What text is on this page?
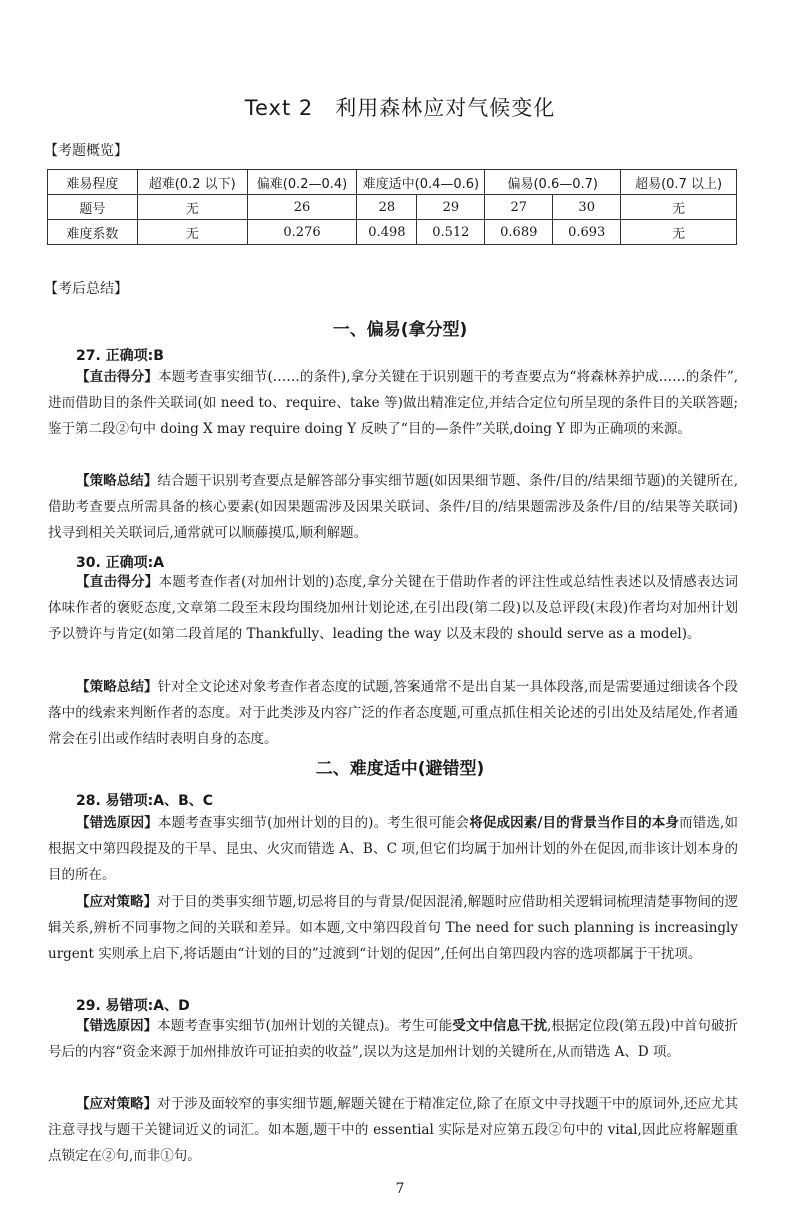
Text 2　利用森林应对气候变化
【考题概览】
难易程度	超难(0.2 以下)	偏难(0.2—0.4)	难度适中(0.4—0.6)		偏易(0.6—0.7)		超易(0.7 以上)
题号	无	26	28	29	27	30	无
难度系数	无	0.276	0.498	0.512	0.689	0.693	无
【考后总结】
一、偏易(拿分型)
27. 正确项:B
【直击得分】本题考查事实细节(……的条件),拿分关键在于识别题干的考查要点为“将森林养护成……的条件”,进而借助目的条件关联词(如 need to、require、take 等)做出精准定位,并结合定位句所呈现的条件目的关联答题;鉴于第二段②句中 doing X may require doing Y 反映了“目的—条件”关联,doing Y 即为正确项的来源。
【策略总结】结合题干识别考查要点是解答部分事实细节题(如因果细节题、条件/目的/结果细节题)的关键所在,借助考查要点所需具备的核心要素(如因果题需涉及因果关联词、条件/目的/结果题需涉及条件/目的/结果等关联词)找寻到相关关联词后,通常就可以顺藤摸瓜,顺利解题。
30. 正确项:A
【直击得分】本题考查作者(对加州计划的)态度,拿分关键在于借助作者的评注性或总结性表述以及情感表达词体味作者的褒贬态度,文章第二段至末段均围绕加州计划论述,在引出段(第二段)以及总评段(末段)作者均对加州计划予以赞许与肯定(如第二段首尾的 Thankfully、leading the way 以及末段的 should serve as a model)。
【策略总结】针对全文论述对象考查作者态度的试题,答案通常不是出自某一具体段落,而是需要通过细读各个段落中的线索来判断作者的态度。对于此类涉及内容广泛的作者态度题,可重点抓住相关论述的引出处及结尾处,作者通常会在引出或作结时表明自身的态度。
二、难度适中(避错型)
28. 易错项:A、B、C
【错选原因】本题考查事实细节(加州计划的目的)。考生很可能会将促成因素/目的背景当作目的本身而错选,如根据文中第四段提及的干旱、昆虫、火灾而错选 A、B、C 项,但它们均属于加州计划的外在促因,而非该计划本身的目的所在。
【应对策略】对于目的类事实细节题,切忌将目的与背景/促因混淆,解题时应借助相关逻辑词梳理清楚事物间的逻辑关系,辨析不同事物之间的关联和差异。如本题,文中第四段首句 The need for such planning is increasingly urgent 实则承上启下,将话题由“计划的目的”过渡到“计划的促因”,任何出自第四段内容的选项都属于干扰项。
29. 易错项:A、D
【错选原因】本题考查事实细节(加州计划的关键点)。考生可能受文中信息干扰,根据定位段(第五段)中首句破折号后的内容“资金来源于加州排放许可证拍卖的收益”,误以为这是加州计划的关键所在,从而错选 A、D 项。
【应对策略】对于涉及面较窄的事实细节题,解题关键在于精准定位,除了在原文中寻找题干中的原词外,还应尤其注意寻找与题干关键词近义的词汇。如本题,题干中的 essential 实际是对应第五段②句中的 vital,因此应将解题重点锁定在②句,而非①句。
7
